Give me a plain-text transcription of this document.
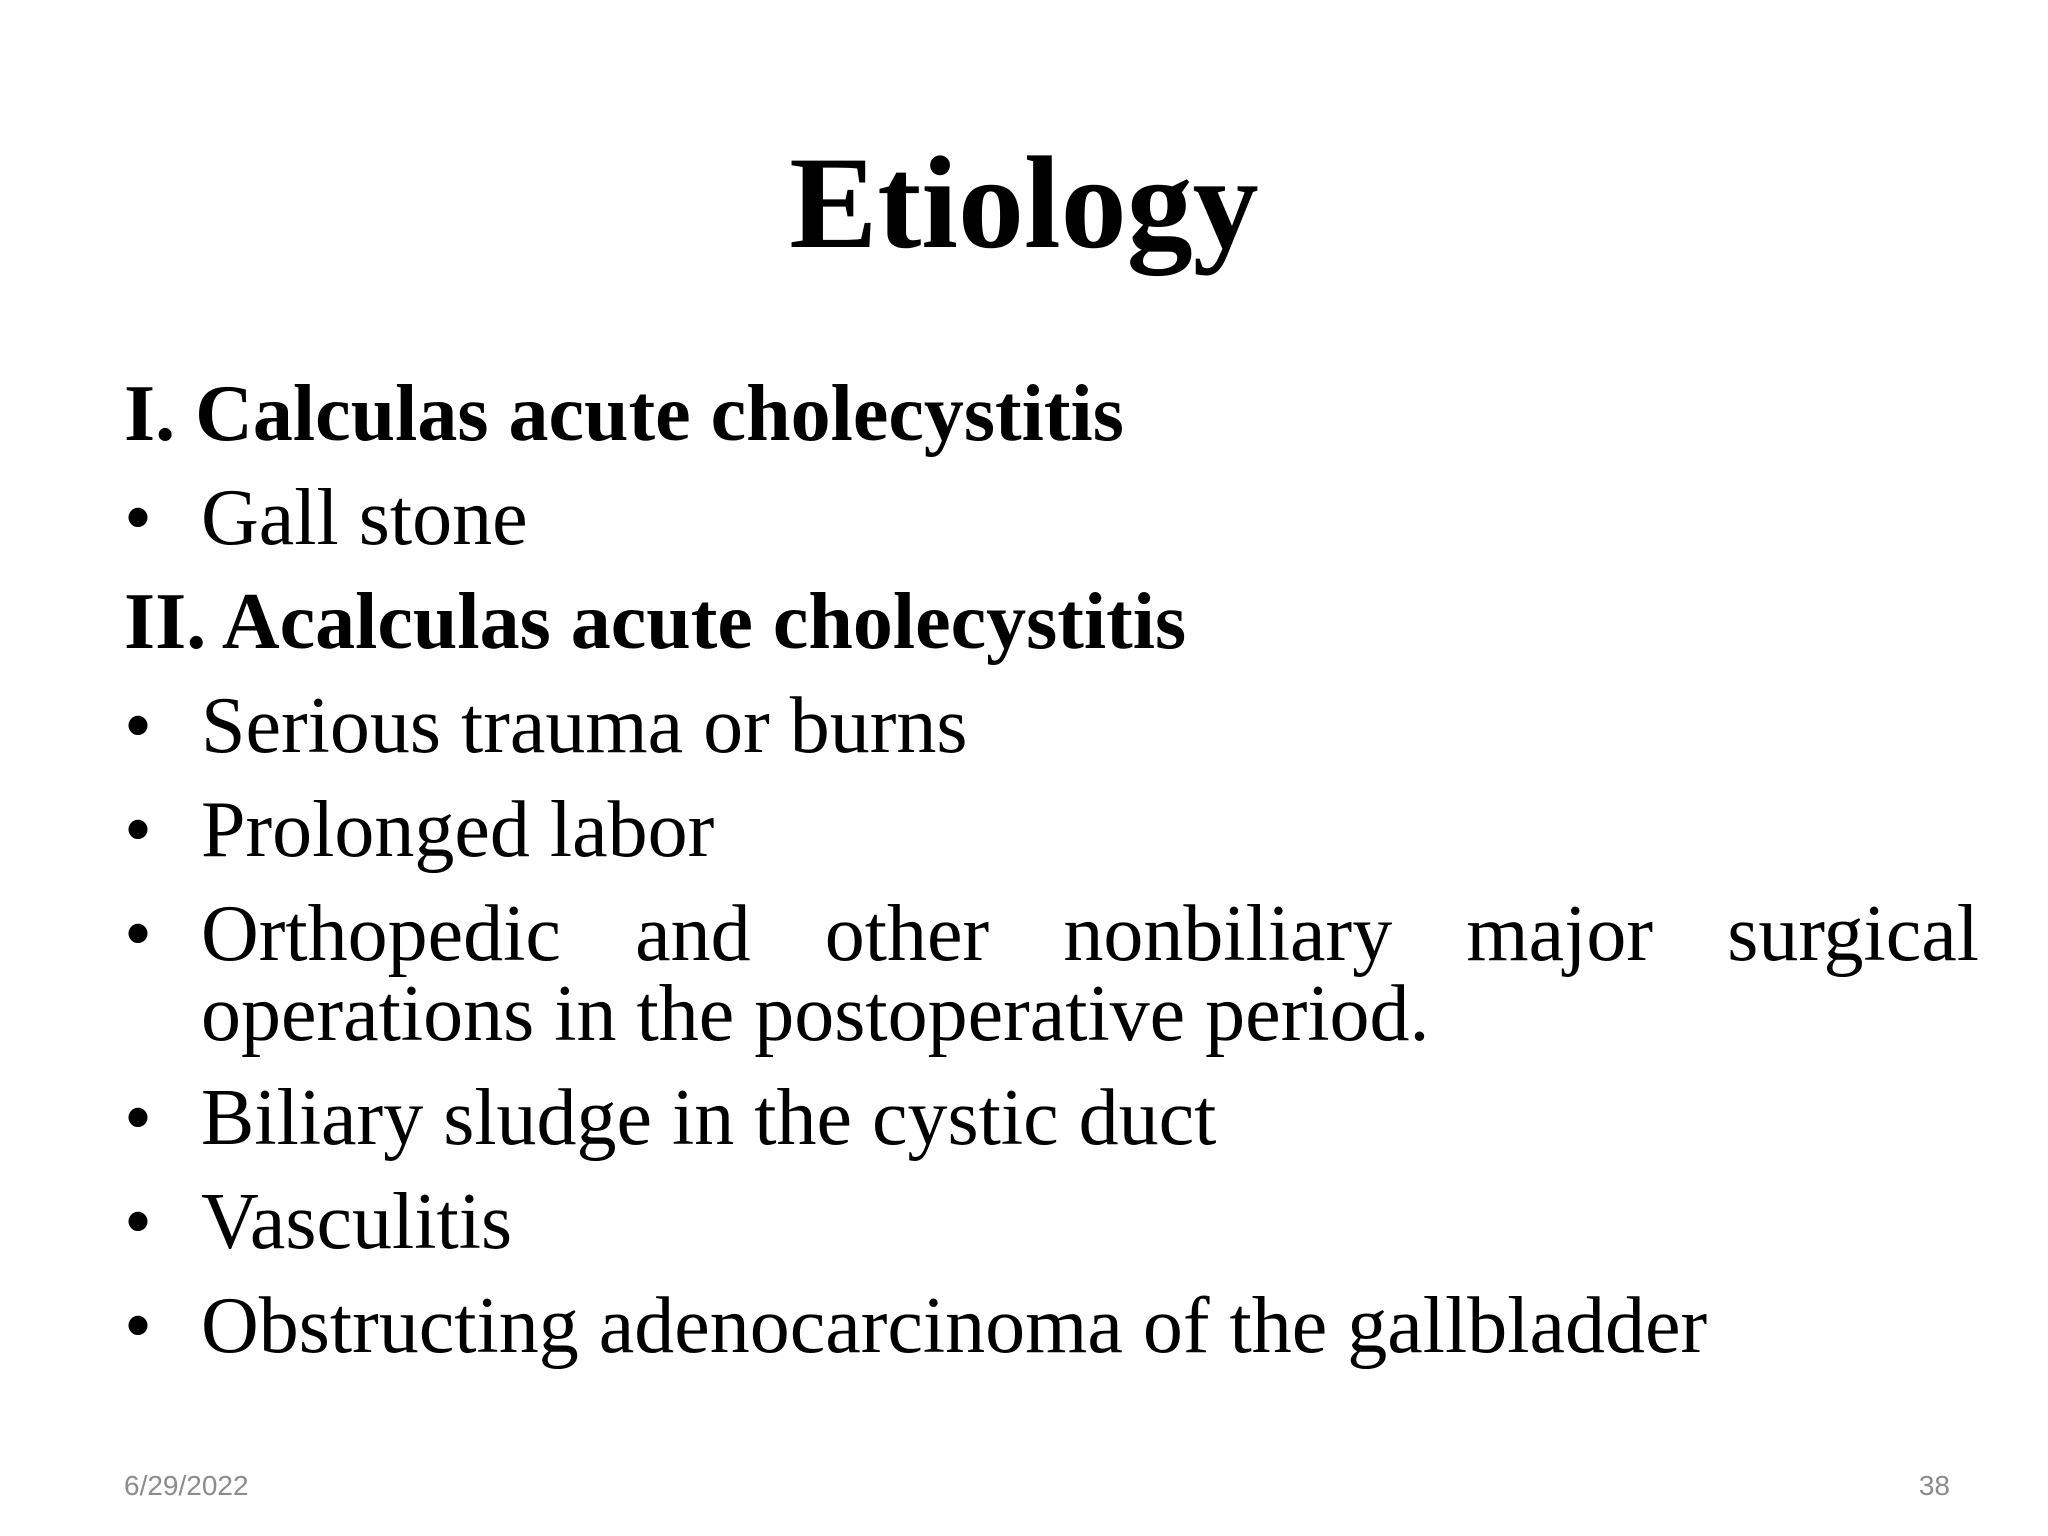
Etiology
I. Calculas acute cholecystitis
• Gall stone
II. Acalculas acute cholecystitis
• Serious trauma or burns
• Prolonged labor
• Orthopedic and other nonbiliary major surgical operations in the postoperative period.
• Biliary sludge in the cystic duct
• Vasculitis
• Obstructing adenocarcinoma of the gallbladder
6/29/2022	38
